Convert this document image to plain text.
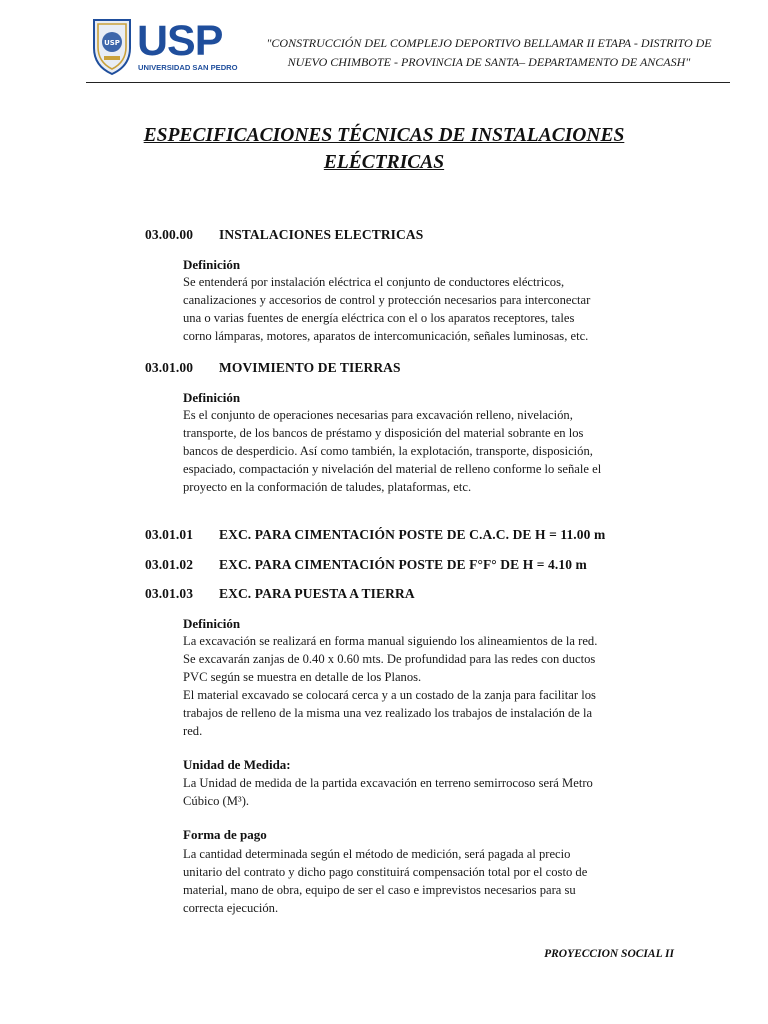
USP USP
UNIVERSIDAD SAN PEDRO
"CONSTRUCCIÓN DEL COMPLEJO DEPORTIVO BELLAMAR II ETAPA - DISTRITO DE
NUEVO CHIMBOTE - PROVINCIA DE SANTA– DEPARTAMENTO DE ANCASH"
ESPECIFICACIONES TÉCNICAS DE INSTALACIONES
ELÉCTRICAS
03.00.00 INSTALACIONES ELECTRICAS
Definición
Se entenderá por instalación eléctrica el conjunto de conductores eléctricos,
canalizaciones y accesorios de control y protección necesarios para interconectar
una o varias fuentes de energía eléctrica con el o los aparatos receptores, tales
corno lámparas, motores, aparatos de intercomunicación, señales luminosas, etc.
03.01.00 MOVIMIENTO DE TIERRAS
Definición
Es el conjunto de operaciones necesarias para excavación relleno, nivelación,
transporte, de los bancos de préstamo y disposición del material sobrante en los
bancos de desperdicio. Así como también, la explotación, transporte, disposición,
espaciado, compactación y nivelación del material de relleno conforme lo señale el
proyecto en la conformación de taludes, plataformas, etc.
03.01.01 EXC. PARA CIMENTACIÓN POSTE DE C.A.C. DE H = 11.00 m
03.01.02 EXC. PARA CIMENTACIÓN POSTE DE F°F° DE H = 4.10 m
03.01.03 EXC. PARA PUESTA A TIERRA
Definición
La excavación se realizará en forma manual siguiendo los alineamientos de la red.
Se excavarán zanjas de 0.40 x 0.60 mts. De profundidad para las redes con ductos
PVC según se muestra en detalle de los Planos.
El material excavado se colocará cerca y a un costado de la zanja para facilitar los
trabajos de relleno de la misma una vez realizado los trabajos de instalación de la
red.
Unidad de Medida:
La Unidad de medida de la partida excavación en terreno semirrocoso será Metro
Cúbico (M³).
Forma de pago
La cantidad determinada según el método de medición, será pagada al precio
unitario del contrato y dicho pago constituirá compensación total por el costo de
material, mano de obra, equipo de ser el caso e imprevistos necesarios para su
correcta ejecución.
PROYECCION SOCIAL II
